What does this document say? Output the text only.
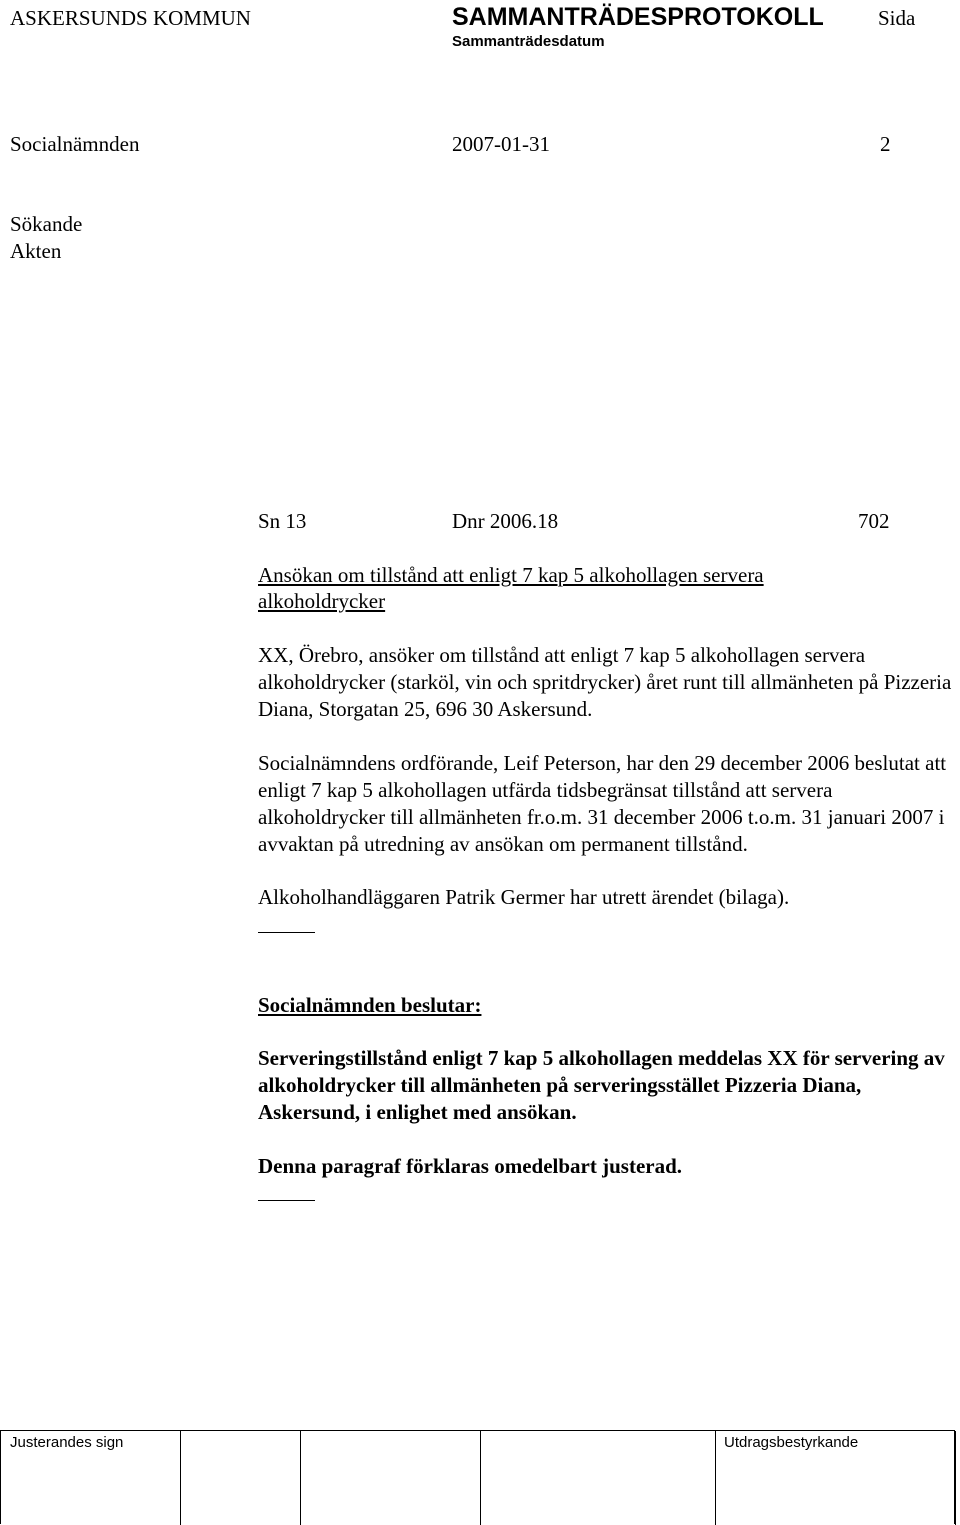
ASKERSUNDS KOMMUN	SAMMANTRÄDESPROTOKOLL	Sida
Sammanträdesdatum
Socialnämnden	2007-01-31	2
Sökande
Akten
Sn 13	Dnr 2006.18	702
Ansökan om tillstånd att enligt 7 kap 5 alkohollagen servera alkoholdrycker
XX, Örebro, ansöker om tillstånd att enligt 7 kap 5 alkohollagen servera alkoholdrycker (starköl, vin och spritdrycker) året runt till allmänheten på Pizzeria Diana, Storgatan 25, 696 30 Askersund.
Socialnämndens ordförande, Leif Peterson, har den 29 december 2006 beslutat att enligt 7 kap 5 alkohollagen utfärda tidsbegränsat tillstånd att servera alkoholdrycker till allmänheten fr.o.m. 31 december 2006 t.o.m. 31 januari 2007 i avvaktan på utredning av ansökan om permanent tillstånd.
Alkoholhandläggaren Patrik Germer har utrett ärendet (bilaga).
Socialnämnden beslutar:
Serveringstillstånd enligt 7 kap 5 alkohollagen meddelas XX för servering av alkoholdrycker till allmänheten på serveringsstället Pizzeria Diana, Askersund, i enlighet med ansökan.
Denna paragraf förklaras omedelbart justerad.
Justerandes sign	Utdragsbestyrkande
